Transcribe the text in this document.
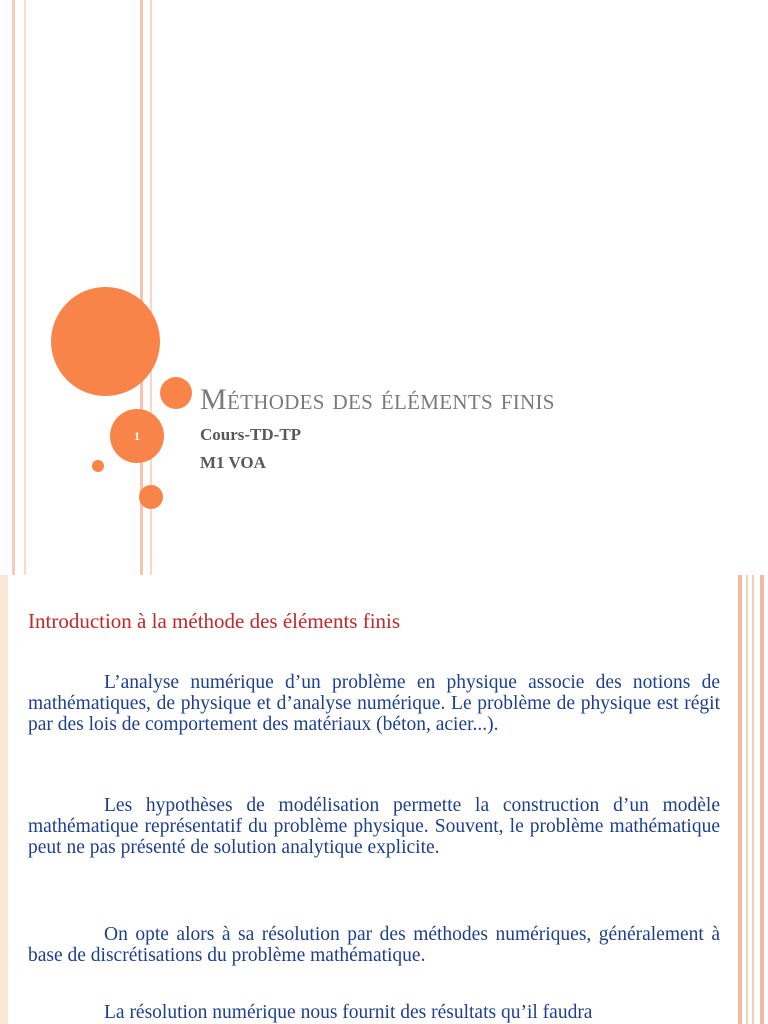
1
Méthodes des éléments finis
Cours-TD-TP
M1 VOA
Introduction à la méthode des éléments finis

L’analyse numérique d’un problème en physique associe des notions de mathématiques, de physique et d’analyse numérique. Le problème de physique est régit par des lois de comportement des matériaux (béton, acier...).

Les hypothèses de modélisation permette la construction d’un modèle mathématique représentatif du problème physique. Souvent, le problème mathématique peut ne pas présenté de solution analytique explicite.

On opte alors à sa résolution par des méthodes numériques, généralement à base de discrétisations du problème mathématique.

La résolution numérique nous fournit des résultats qu’il faudra
